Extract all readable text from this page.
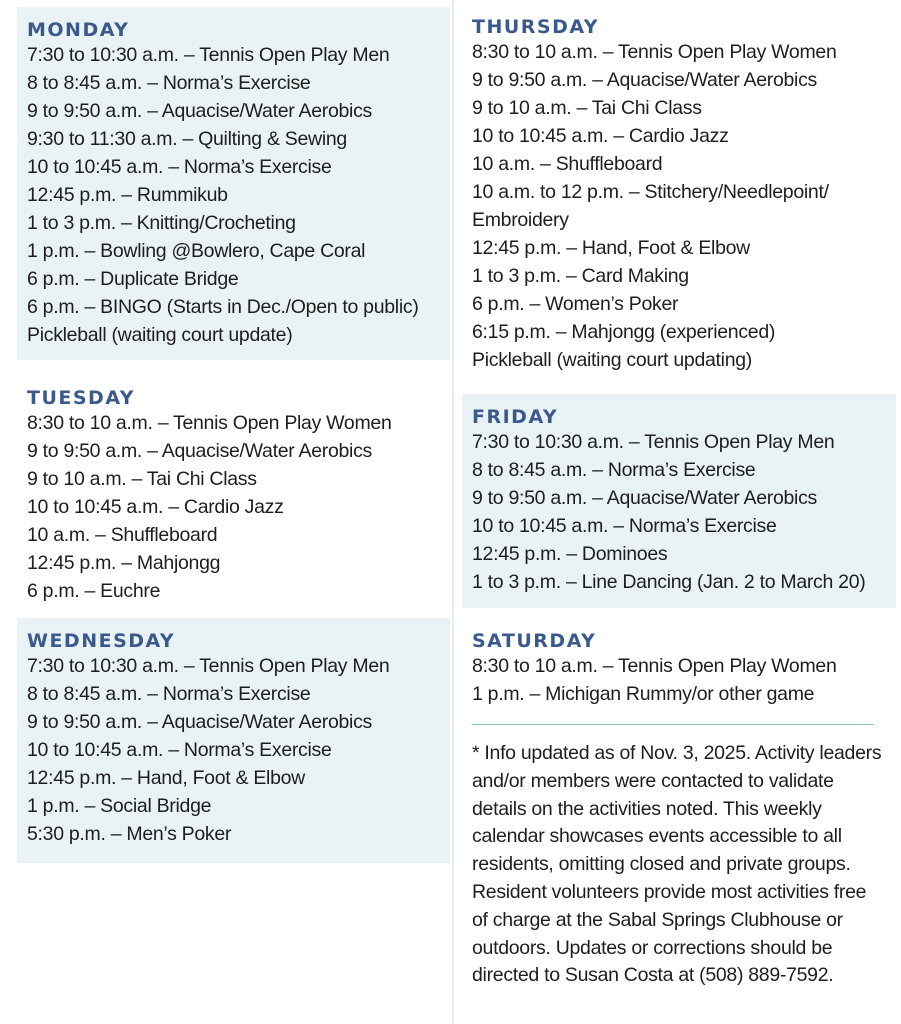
MONDAY
7:30 to 10:30 a.m. – Tennis Open Play Men
8 to 8:45 a.m. – Norma’s Exercise
9 to 9:50 a.m. – Aquacise/Water Aerobics
9:30 to 11:30 a.m. – Quilting & Sewing
10 to 10:45 a.m. – Norma’s Exercise
12:45 p.m. – Rummikub
1 to 3 p.m. – Knitting/Crocheting
1 p.m. – Bowling @Bowlero, Cape Coral
6 p.m. – Duplicate Bridge
6 p.m. – BINGO (Starts in Dec./Open to public)
Pickleball (waiting court update)
TUESDAY
8:30 to 10 a.m. – Tennis Open Play Women
9 to 9:50 a.m. – Aquacise/Water Aerobics
9 to 10 a.m. – Tai Chi Class
10 to 10:45 a.m. – Cardio Jazz
10 a.m. – Shuffleboard
12:45 p.m. – Mahjongg
6 p.m. – Euchre
WEDNESDAY
7:30 to 10:30 a.m. – Tennis Open Play Men
8 to 8:45 a.m. – Norma’s Exercise
9 to 9:50 a.m. – Aquacise/Water Aerobics
10 to 10:45 a.m. – Norma’s Exercise
12:45 p.m. – Hand, Foot & Elbow
1 p.m. – Social Bridge
5:30 p.m. – Men’s Poker
THURSDAY
8:30 to 10 a.m. – Tennis Open Play Women
9 to 9:50 a.m. – Aquacise/Water Aerobics
9 to 10 a.m. – Tai Chi Class
10 to 10:45 a.m. – Cardio Jazz
10 a.m. – Shuffleboard
10 a.m. to 12 p.m. – Stitchery/Needlepoint/ Embroidery
12:45 p.m. – Hand, Foot & Elbow
1 to 3 p.m. – Card Making
6 p.m. – Women’s Poker
6:15 p.m. – Mahjongg (experienced)
Pickleball (waiting court updating)
FRIDAY
7:30 to 10:30 a.m. – Tennis Open Play Men
8 to 8:45 a.m. – Norma’s Exercise
9 to 9:50 a.m. – Aquacise/Water Aerobics
10 to 10:45 a.m. – Norma’s Exercise
12:45 p.m. – Dominoes
1 to 3 p.m. – Line Dancing (Jan. 2 to March 20)
SATURDAY
8:30 to 10 a.m. – Tennis Open Play Women
1 p.m. – Michigan Rummy/or other game

* Info updated as of Nov. 3, 2025. Activity leaders and/or members were contacted to validate details on the activities noted. This weekly calendar showcases events accessible to all residents, omitting closed and private groups. Resident volunteers provide most activities free of charge at the Sabal Springs Clubhouse or outdoors. Updates or corrections should be directed to Susan Costa at (508) 889-7592.
